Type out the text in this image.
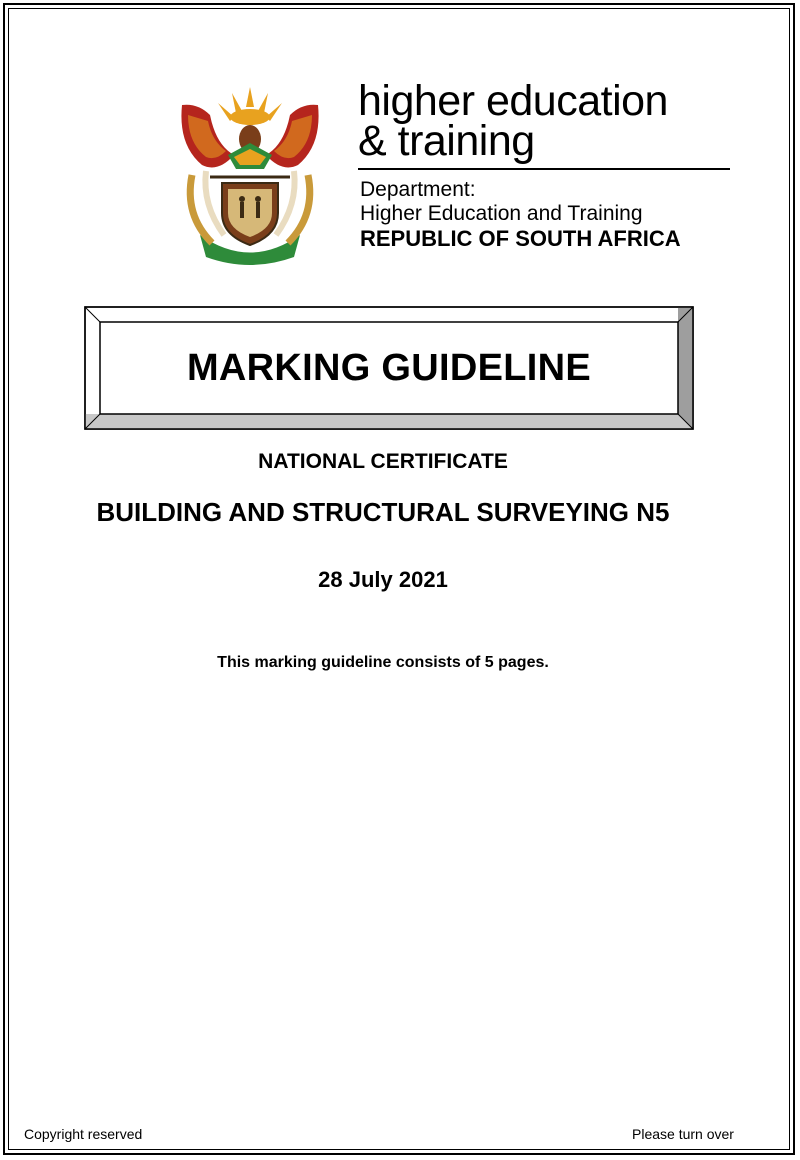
higher education
& training
Department:
Higher Education and Training
REPUBLIC OF SOUTH AFRICA
MARKING GUIDELINE
NATIONAL CERTIFICATE
BUILDING AND STRUCTURAL SURVEYING N5
28 July 2021
This marking guideline consists of 5 pages.
Copyright reserved	Please turn over
